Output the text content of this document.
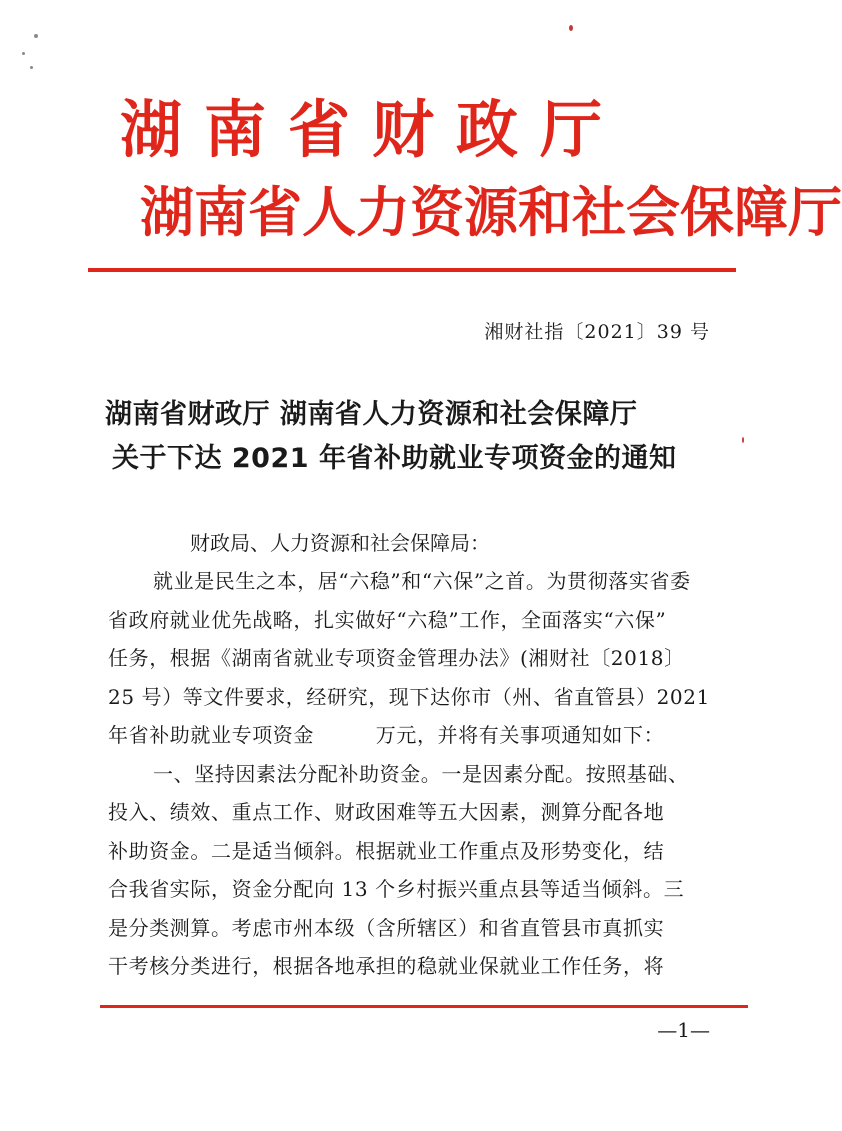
湖南省财政厅
湖南省人力资源和社会保障厅
湘财社指〔2021〕39 号
湖南省财政厅 湖南省人力资源和社会保障厅
关于下达 2021 年省补助就业专项资金的通知
财政局、人力资源和社会保障局：
就业是民生之本，居“六稳”和“六保”之首。为贯彻落实省委
省政府就业优先战略，扎实做好“六稳”工作，全面落实“六保”
任务，根据《湖南省就业专项资金管理办法》(湘财社〔2018〕
25 号）等文件要求，经研究，现下达你市（州、省直管县）2021
年省补助就业专项资金　　　万元，并将有关事项通知如下：
一、坚持因素法分配补助资金。一是因素分配。按照基础、
投入、绩效、重点工作、财政困难等五大因素，测算分配各地
补助资金。二是适当倾斜。根据就业工作重点及形势变化，结
合我省实际，资金分配向 13 个乡村振兴重点县等适当倾斜。三
是分类测算。考虑市州本级（含所辖区）和省直管县市真抓实
干考核分类进行，根据各地承担的稳就业保就业工作任务，将
—1—
